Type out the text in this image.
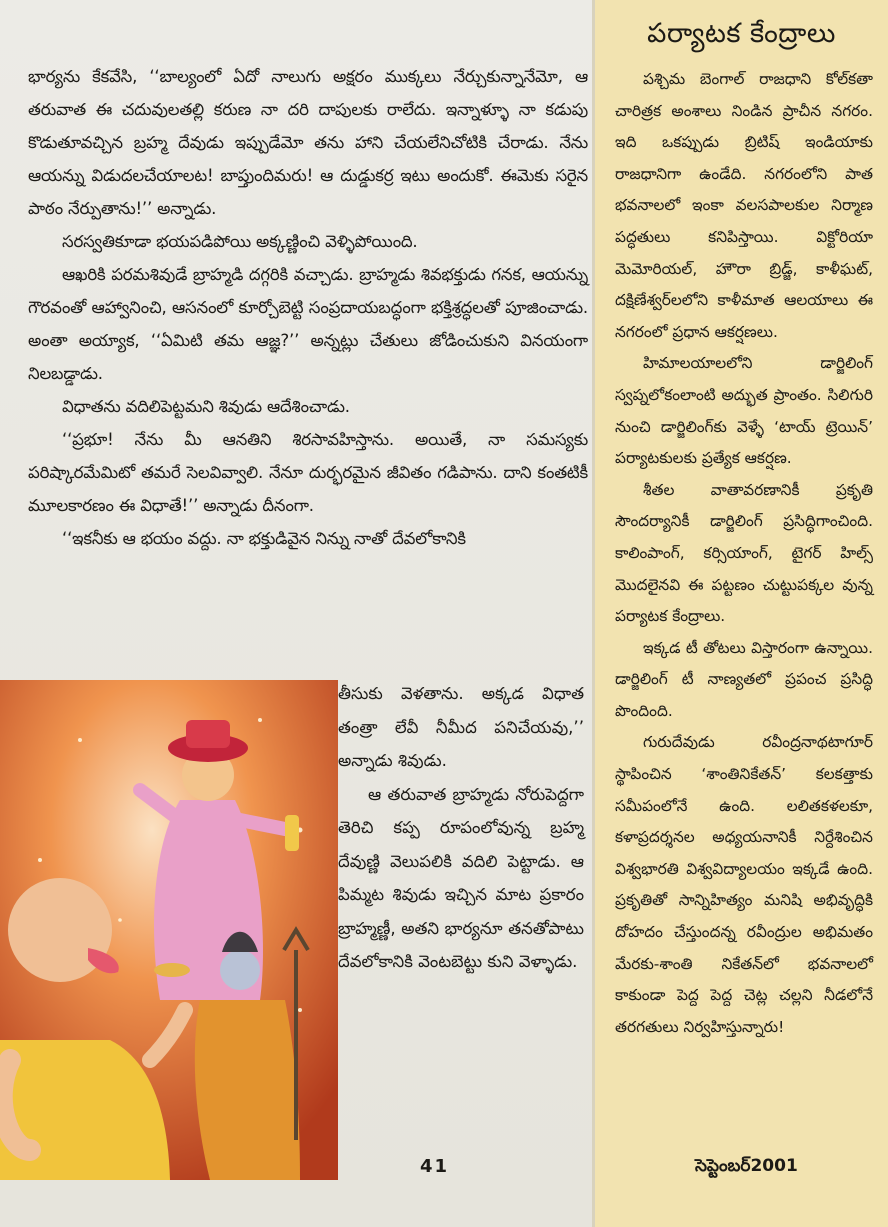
భార్యను కేకవేసి, ‘‘బాల్యంలో ఏదో నాలుగు అక్షరం ముక్కలు నేర్చుకున్నానేమో, ఆ తరువాత ఈ చదువులతల్లి కరుణ నా దరి దాపులకు రాలేదు. ఇన్నాళ్ళూ నా కడుపు కొడుతూవచ్చిన బ్రహ్మ దేవుడు ఇప్పుడేమో తను హాని చేయలేనిచోటికి చేరాడు. నేను ఆయన్ను విడుదలచేయాలట! బాప్తుందిమరు! ఆ దుడ్డుకర్ర ఇటు అందుకో. ఈమెకు సరైన పాఠం నేర్పుతాను!’’ అన్నాడు.

సరస్వతికూడా భయపడిపోయి అక్కణ్ణించి వెళ్ళిపోయింది.

ఆఖరికి పరమశివుడే బ్రాహ్మడి దగ్గరికి వచ్చాడు. బ్రాహ్మడు శివభక్తుడు గనక, ఆయన్ను గౌరవంతో ఆహ్వానించి, ఆసనంలో కూర్చోబెట్టి సంప్రదాయబద్ధంగా భక్తిశ్రద్ధలతో పూజించాడు. అంతా అయ్యాక, ‘‘ఏమిటి తమ ఆజ్ఞ?’’ అన్నట్లు చేతులు జోడించుకుని వినయంగా నిలబడ్డాడు.

విధాతను వదిలిపెట్టమని శివుడు ఆదేశించాడు.

‘‘ప్రభూ! నేను మీ ఆనతిని శిరసావహిస్తాను. అయితే, నా సమస్యకు పరిష్కారమేమిటో తమరే సెలవివ్వాలి. నేనూ దుర్భరమైన జీవితం గడిపాను. దాని కంతటికీ మూలకారణం ఈ విధాతే!’’ అన్నాడు దీనంగా.

‘‘ఇకనీకు ఆ భయం వద్దు. నా భక్తుడివైన నిన్ను నాతో దేవలోకానికి

తీసుకు వెళతాను. అక్కడ విధాత తంత్రా లేవీ నీమీద పనిచేయవు,’’ అన్నాడు శివుడు.

ఆ తరువాత బ్రాహ్మడు నోరుపెద్దగా తెరిచి కప్ప రూపంలోవున్న బ్రహ్మ దేవుణ్ణి వెలుపలికి వదిలి పెట్టాడు. ఆ పిమ్మట శివుడు ఇచ్చిన మాట ప్రకారం బ్రాహ్మణ్ణీ, అతని భార్యనూ తనతోపాటు దేవలోకానికి వెంటబెట్టు కుని వెళ్ళాడు.

41
పర్యాటక కేంద్రాలు

పశ్చిమ బెంగాల్ రాజధాని కోల్‌కతా చారిత్రక అంశాలు నిండిన ప్రాచీన నగరం. ఇది ఒకప్పుడు బ్రిటిష్ ఇండియాకు రాజధానిగా ఉండేది. నగరంలోని పాత భవనాలలో ఇంకా వలసపాలకుల నిర్మాణ పద్ధతులు కనిపిస్తాయి. విక్టోరియా మెమోరియల్, హౌరా బ్రిడ్జ్, కాళీఘట్, దక్షిణేశ్వర్‌లలోని కాళీమాత ఆలయాలు ఈ నగరంలో ప్రధాన ఆకర్షణలు.

హిమాలయాలలోని డార్జిలింగ్ స్వప్నలోకంలాంటి అద్భుత ప్రాంతం. సిలిగురి నుంచి డార్జిలింగ్‌కు వెళ్ళే ‘టాయ్ ట్రెయిన్’ పర్యాటకులకు ప్రత్యేక ఆకర్షణ.

శీతల వాతావరణానికీ ప్రకృతి సౌందర్యానికీ డార్జిలింగ్ ప్రసిద్ధిగాంచింది. కాలింపాంగ్, కర్సియాంగ్, టైగర్ హిల్స్ మొదలైనవి ఈ పట్టణం చుట్టుపక్కల వున్న పర్యాటక కేంద్రాలు.

ఇక్కడ టీ తోటలు విస్తారంగా ఉన్నాయి. డార్జిలింగ్ టీ నాణ్యతలో ప్రపంచ ప్రసిద్ధి పొందింది.

గురుదేవుడు రవీంద్రనాథటాగూర్ స్థాపించిన ‘శాంతినికేతన్’ కలకత్తాకు సమీపంలోనే ఉంది. లలితకళలకూ, కళాప్రదర్శనల అధ్యయనానికీ నిర్దేశించిన విశ్వభారతి విశ్వవిద్యాలయం ఇక్కడే ఉంది. ప్రకృతితో సాన్నిహిత్యం మనిషి అభివృద్ధికి దోహదం చేస్తుందన్న రవీంద్రుల అభిమతం మేరకు-శాంతి నికేతన్‌లో భవనాలలో కాకుండా పెద్ద పెద్ద చెట్ల చల్లని నీడలోనే తరగతులు నిర్వహిస్తున్నారు!

సెప్టెంబర్2001
